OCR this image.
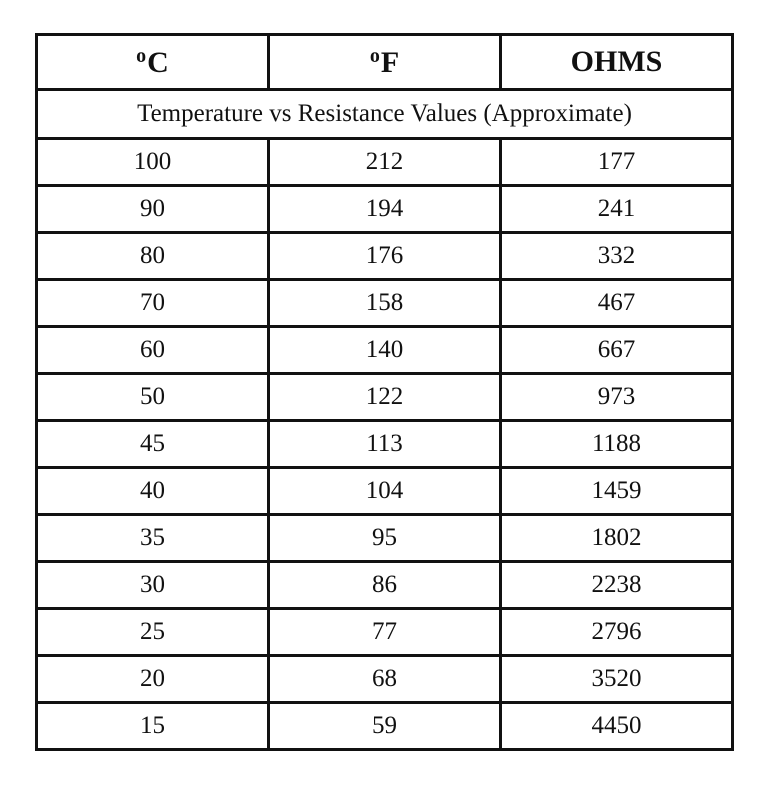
$^o$C	$^o$F	OHMS
Temperature vs Resistance Values (Approximate)		
100	212	177
90	194	241
80	176	332
70	158	467
60	140	667
50	122	973
45	113	1188
40	104	1459
35	95	1802
30	86	2238
25	77	2796
20	68	3520
15	59	4450
